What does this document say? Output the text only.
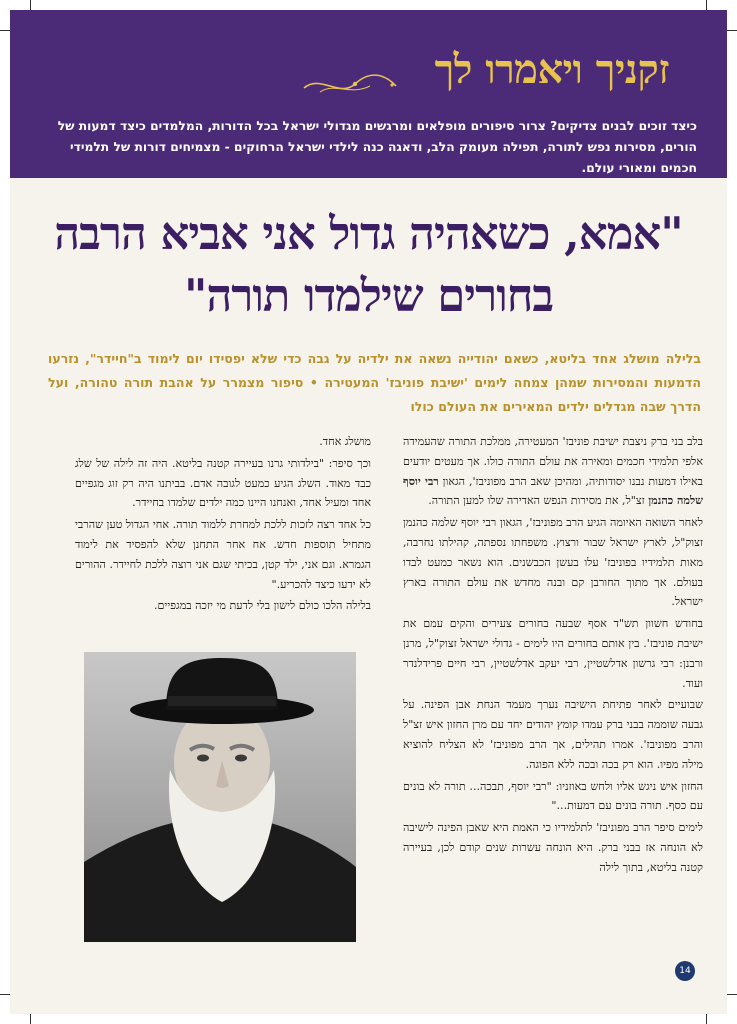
זקניך ויאמרו לך
כיצד זוכים לבנים צדיקים? צרור סיפורים מופלאים ומרגשים מגדולי ישראל בכל הדורות, המלמדים כיצד דמעות של הורים, מסירות נפש לתורה, תפילה מעומק הלב, ודאגה כנה לילדי ישראל הרחוקים - מצמיחים דורות של תלמידי חכמים ומאורי עולם.
"אמא, כשאהיה גדול אני אביא הרבה בחורים שילמדו תורה"
בלילה מושלג אחד בליטא, כשאם יהודייה נשאה את ילדיה על גבה כדי שלא יפסידו יום לימוד ב"חיידר", נזרעו הדמעות והמסירות שמהן צמחה לימים 'ישיבת פוניבז' המעטירה • סיפור מצמרר על אהבת תורה טהורה, ועל הדרך שבה מגדלים ילדים המאירים את העולם כולו

בלב בני ברק ניצבת ישיבת פוניבז' המעטירה, ממלכת התורה שהעמידה אלפי תלמידי חכמים ומאירה את עולם התורה כולו. אך מעטים יודעים באילו דמעות נבנו יסודותיה, ומהיכן שאב הרב מפוניבז', הגאון רבי יוסף שלמה כהנמן זצ"ל, את מסירות הנפש האדירה שלו למען התורה.

לאחר השואה האיומה הגיע הרב מפוניבז', הגאון רבי יוסף שלמה כהנמן זצוק"ל, לארץ ישראל שבור ורצוץ. משפחתו נספתה, קהילתו נחרבה, מאות תלמידיו בפוניבז' עלו בעשן הכבשנים. הוא נשאר כמעט לבדו בעולם. אך מתוך החורבן קם ובנה מחדש את עולם התורה בארץ ישראל.

בחודש חשוון תש"ד אסף שבעה בחורים צעירים והקים עמם את ישיבת פוניבז'. בין אותם בחורים היו לימים - גדולי ישראל זצוק"ל, מרנן ורבנן: רבי גרשון אדלשטיין, רבי יעקב אדלשטיין, רבי חיים פרידלנדר ועוד.

שבועיים לאחר פתיחת הישיבה נערך מעמד הנחת אבן הפינה. על גבעה שוממה בבני ברק עמדו קומץ יהודים יחד עם מרן החזון איש זצ"ל והרב מפוניבז'. אמרו תהילים, אך הרב מפוניבז' לא הצליח להוציא מילה מפיו. הוא רק בכה ובכה ללא הפוגה.

החזון איש ניגש אליו ולחש באוזניו: "רבי יוסף, תבכה... תורה לא בונים עם כסף. תורה בונים עם דמעות..."

לימים סיפר הרב מפוניבז' לתלמידיו כי האמת היא שאבן הפינה לישיבה לא הונחה אז בבני ברק. היא הונחה עשרות שנים קודם לכן, בעיירה קטנה בליטא, בתוך לילה

מושלג אחד.

וכך סיפר: "בילדותי גרנו בעיירה קטנה בליטא. היה זה לילה של שלג כבד מאוד. השלג הגיע כמעט לגובה אדם. בביתנו היה רק זוג מגפיים אחד ומעיל אחד, ואנחנו היינו כמה ילדים שלמדו בחיידר.

כל אחד רצה לזכות ללכת למחרת ללמוד תורה. אחי הגדול טען שהרבי מתחיל תוספות חדש. אח אחר התחנן שלא להפסיד את לימוד הגמרא. וגם אני, ילד קטן, בכיתי שגם אני רוצה ללכת לחיידר. ההורים לא ידעו כיצד להכריע."

בלילה הלכו כולם לישון בלי לדעת מי יזכה במגפיים.

14
